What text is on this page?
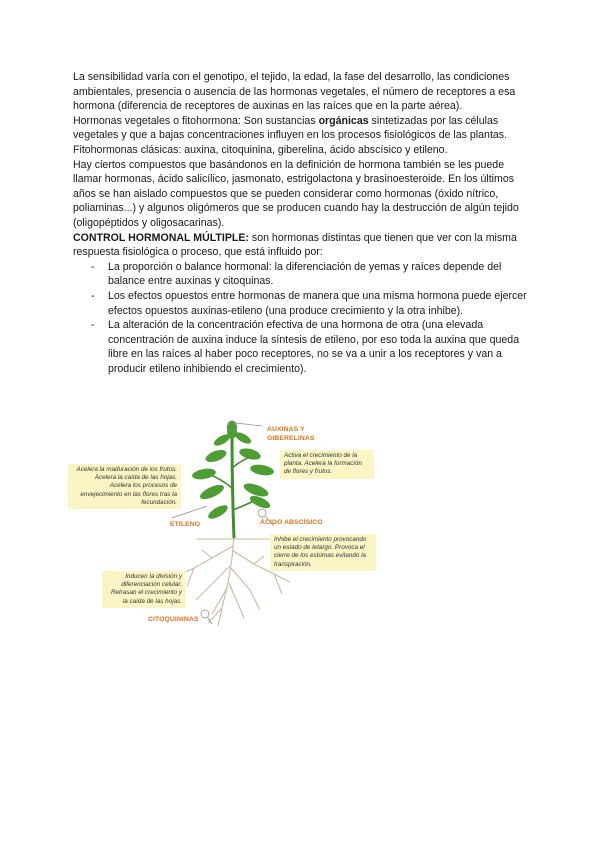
La sensibilidad varía con el genotipo, el tejido, la edad, la fase del desarrollo, las condiciones ambientales, presencia o ausencia de las hormonas vegetales, el número de receptores a esa hormona (diferencia de receptores de auxinas en las raíces que en la parte aérea).

Hormonas vegetales o fitohormona: Son sustancias orgánicas sintetizadas por las células vegetales y que a bajas concentraciones influyen en los procesos fisiológicos de las plantas.

Fitohormonas clásicas: auxina, citoquinina, giberelina, ácido abscísico y etileno.

Hay ciertos compuestos que basándonos en la definición de hormona también se les puede llamar hormonas, ácido salicílico, jasmonato, estrigolactona y brasinoesteroide. En los últimos años se han aislado compuestos que se pueden considerar como hormonas (óxido nítrico, poliaminas...) y algunos oligómeros que se producen cuando hay la destrucción de algún tejido (oligopéptidos y oligosacarinas).

CONTROL HORMONAL MÚLTIPLE: son hormonas distintas que tienen que ver con la misma respuesta fisiológica o proceso, que está influido por:

- La proporción o balance hormonal: la diferenciación de yemas y raíces depende del balance entre auxinas y citoquinas.
- Los efectos opuestos entre hormonas de manera que una misma hormona puede ejercer efectos opuestos auxinas-etileno (una produce crecimiento y la otra inhibe).
- La alteración de la concentración efectiva de una hormona de otra (una elevada concentración de auxina induce la síntesis de etileno, por eso toda la auxina que queda libre en las raíces al haber poco receptores, no se va a unir a los receptores y van a producir etileno inhibiendo el crecimiento).
AUXINAS Y GIBERELINAS
ETILENO	ÁCIDO ABSCÍSICO
CITOQUININAS
Acelera la maduración de los frutos. Acelera la caída de las hojas. Acelera los procesos de envejecimiento en las flores tras la fecundación.
Activa el crecimiento de la planta. Acelera la formación de flores y frutos.
Inhibe el crecimiento provocando un estado de letargo. Provoca el cierre de los estomas evitando la transpiración.
Inducen la división y diferenciación celular. Retrasan el crecimiento y la caída de las hojas.
